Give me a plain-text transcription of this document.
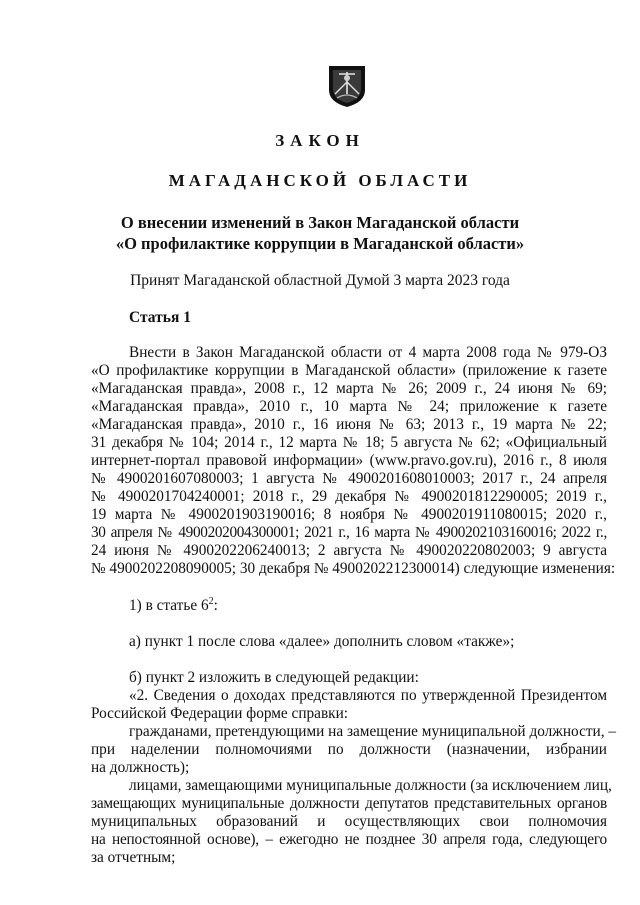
ЗАКОН
МАГАДАНСКОЙ ОБЛАСТИ
О внесении изменений в Закон Магаданской области
«О профилактике коррупции в Магаданской области»
Принят Магаданской областной Думой 3 марта 2023 года
Статья 1
Внести в Закон Магаданской области от 4 марта 2008 года № 979-ОЗ
«О профилактике коррупции в Магаданской области» (приложение к газете
«Магаданская правда», 2008 г., 12 марта № 26; 2009 г., 24 июня № 69;
«Магаданская правда», 2010 г., 10 марта № 24; приложение к газете
«Магаданская правда», 2010 г., 16 июня № 63; 2013 г., 19 марта № 22;
31 декабря № 104; 2014 г., 12 марта № 18; 5 августа № 62; «Официальный
интернет-портал правовой информации» (www.pravo.gov.ru), 2016 г., 8 июля
№ 4900201607080003; 1 августа № 4900201608010003; 2017 г., 24 апреля
№ 4900201704240001; 2018 г., 29 декабря № 4900201812290005; 2019 г.,
19 марта № 4900201903190016; 8 ноября № 4900201911080015; 2020 г.,
30 апреля № 4900202004300001; 2021 г., 16 марта № 4900202103160016; 2022 г.,
24 июня № 4900202206240013; 2 августа № 490020220802003; 9 августа
№ 4900202208090005; 30 декабря № 4900202212300014) следующие изменения:
1) в статье $6^2$:
а) пункт 1 после слова «далее» дополнить словом «также»;
б) пункт 2 изложить в следующей редакции:
«2. Сведения о доходах представляются по утвержденной Президентом
Российской Федерации форме справки:
гражданами, претендующими на замещение муниципальной должности, –
при наделении полномочиями по должности (назначении, избрании
на должность);
лицами, замещающими муниципальные должности (за исключением лиц,
замещающих муниципальные должности депутатов представительных органов
муниципальных образований и осуществляющих свои полномочия
на непостоянной основе), – ежегодно не позднее 30 апреля года, следующего
за отчетным;
